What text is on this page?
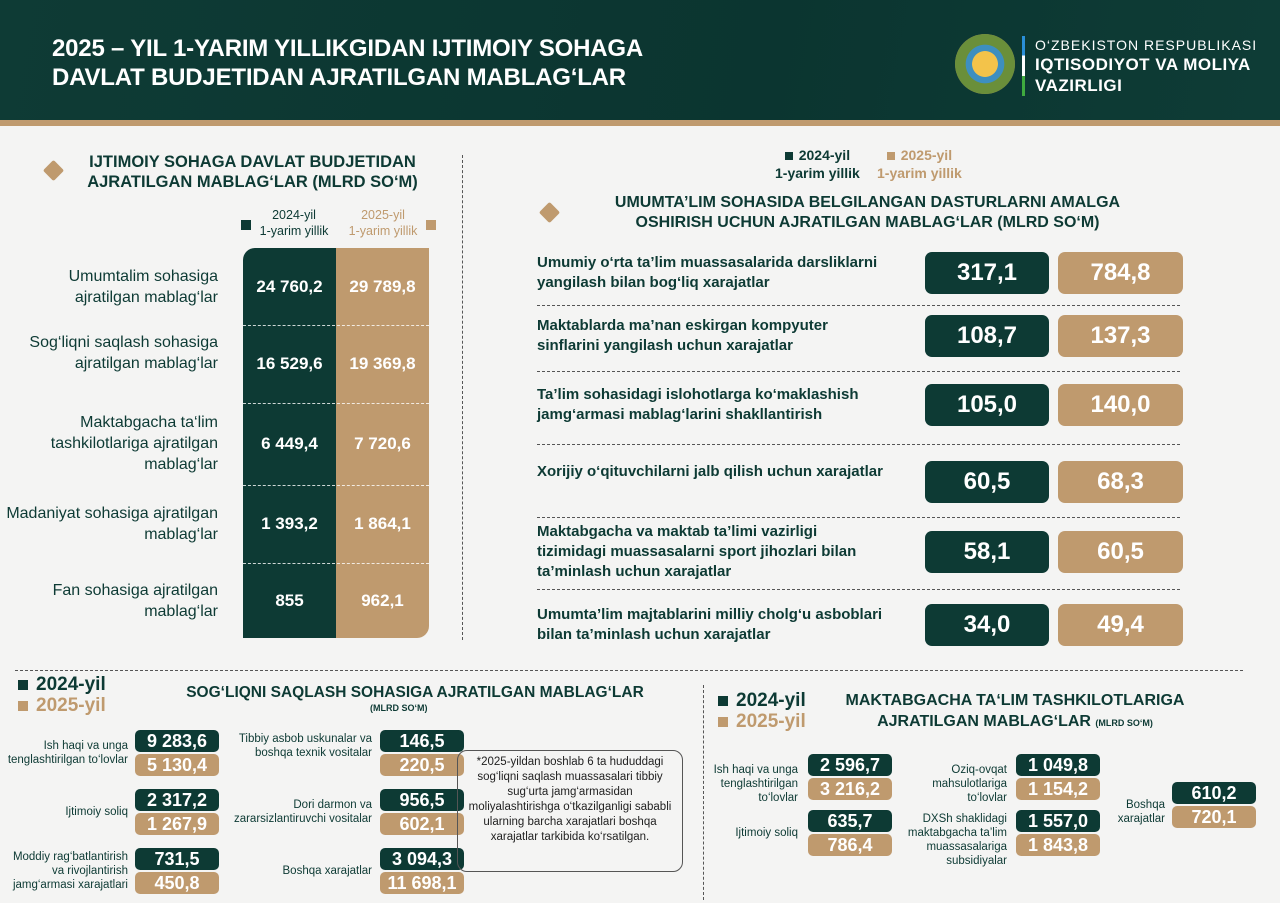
2025 – YIL 1-YARIM YILLIKGIDAN IJTIMOIY SOHAGA
DAVLAT BUDJETIDAN AJRATILGAN MABLAG‘LAR
O‘ZBEKISTON RESPUBLIKASI
IQTISODIYOT VA MOLIYA
VAZIRLIGI
IJTIMOIY SOHAGA DAVLAT BUDJETIDAN
AJRATILGAN MABLAG‘LAR (MLRD SO‘M)
2024-yil
1-yarim yillik
2025-yil
1-yarim yillik
Umumtalim sohasiga ajratilgan mablag‘lar
24 760,2	29 789,8
Sog‘liqni saqlash sohasiga ajratilgan mablag‘lar	16 529,6	19 369,8
Maktabgacha ta‘lim tashkilotlariga ajratilgan mablag‘lar
6 449,4	7 720,6
Madaniyat sohasiga ajratilgan mablag‘lar
1 393,2	1 864,1
Fan sohasiga ajratilgan mablag‘lar
855	962,1
2024-yil
1-yarim yillik
2025-yil
1-yarim yillik
UMUMTA’LIM SOHASIDA BELGILANGAN DASTURLARNI AMALGA
OSHIRISH UCHUN AJRATILGAN MABLAG‘LAR (MLRD SO‘M)
Umumiy o‘rta ta’lim muassasalarida darsliklarni yangilash bilan bog‘liq xarajatlar	317,1	784,8
Maktablarda ma’nan eskirgan kompyuter sinflarini yangilash uchun xarajatlar	108,7	137,3
Ta’lim sohasidagi islohotlarga ko‘maklashish jamg‘armasi mablag‘larini shakllantirish	105,0	140,0
Xorijiy o‘qituvchilarni jalb qilish uchun xarajatlar	60,5	68,3
Maktabgacha va maktab ta’limi vazirligi tizimidagi muassasalarni sport jihozlari bilan ta’minlash uchun xarajatlar
58,1	60,5
Umumta’lim majtablarini milliy cholg‘u asboblari bilan ta’minlash uchun xarajatlar	34,0	49,4
2024-yil
2025-yil
SOG‘LIQNI SAQLASH SOHASIGA AJRATILGAN MABLAG‘LAR
(MLRD SO‘M)
Ish haqi va unga tenglashtirilgan to‘lovlar
9 283,6
5 130,4
Ijtimoiy soliq
2 317,2
1 267,9
Moddiy rag‘batlantirish va rivojlantirish jamg‘armasi xarajatlari
731,5
450,8
Tibbiy asbob uskunalar va boshqa texnik vositalar
146,5
220,5
Dori darmon va zararsizlantiruvchi vositalar
956,5
602,1
Boshqa xarajatlar
3 094,3
11 698,1
*2025-yildan boshlab 6 ta hududdagi sog‘liqni saqlash muassasalari tibbiy sug‘urta jamg‘armasidan moliyalashtirishga o‘tkazilganligi sababli ularning barcha xarajatlari boshqa xarajatlar tarkibida ko‘rsatilgan.
2024-yil
2025-yil
MAKTABGACHA TA‘LIM TASHKILOTLARIGA
AJRATILGAN MABLAG‘LAR (MLRD SO‘M)
Ish haqi va unga tenglashtirilgan to‘lovlar
2 596,7
3 216,2
Ijtimoiy soliq
635,7
786,4
Oziq-ovqat mahsulotlariga to‘lovlar
1 049,8
1 154,2
DXSh shaklidagi maktabgacha ta’lim muassasalariga subsidiyalar
1 557,0
1 843,8
Boshqa xarajatlar
610,2
720,1
